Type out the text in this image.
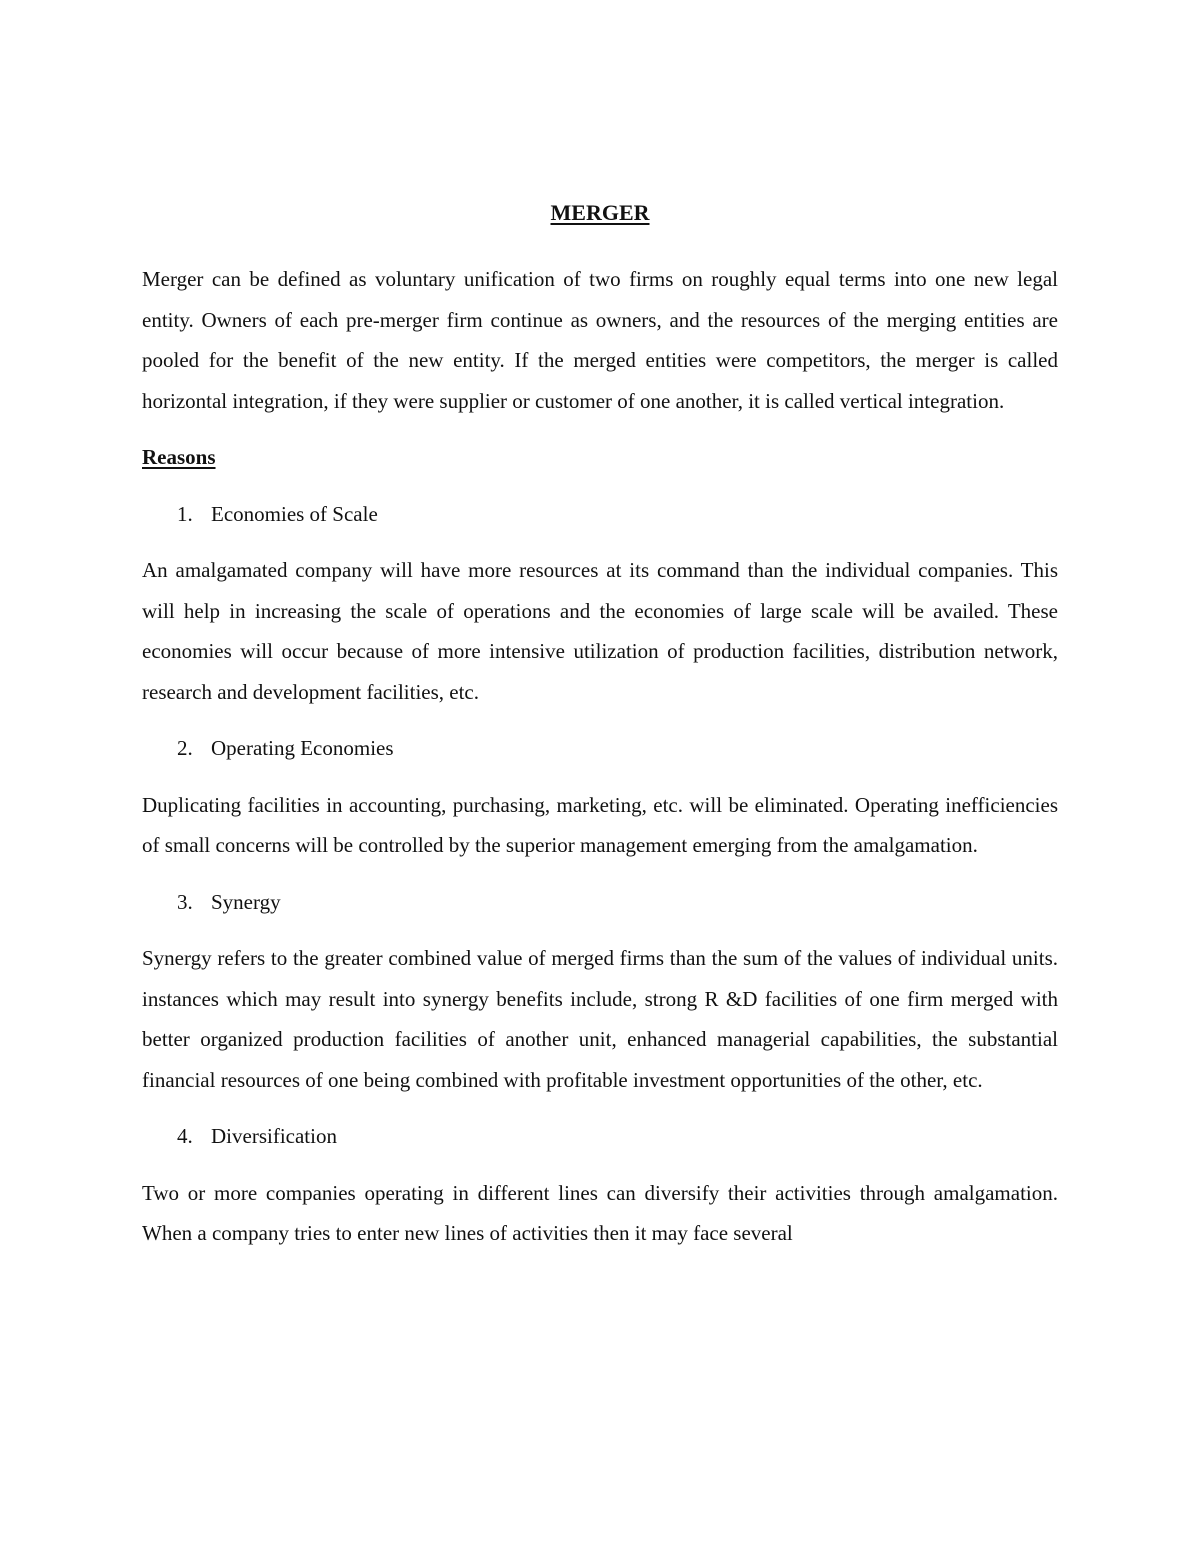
MERGER

Merger can be defined as voluntary unification of two firms on roughly equal terms into one new legal entity. Owners of each pre-merger firm continue as owners, and the resources of the merging entities are pooled for the benefit of the new entity. If the merged entities were competitors, the merger is called horizontal integration, if they were supplier or customer of one another, it is called vertical integration.

Reasons
1. Economies of Scale

An amalgamated company will have more resources at its command than the individual companies. This will help in increasing the scale of operations and the economies of large scale will be availed. These economies will occur because of more intensive utilization of production facilities, distribution network, research and development facilities, etc.

2. Operating Economies

Duplicating facilities in accounting, purchasing, marketing, etc. will be eliminated. Operating inefficiencies of small concerns will be controlled by the superior management emerging from the amalgamation.

3. Synergy

Synergy refers to the greater combined value of merged firms than the sum of the values of individual units. instances which may result into synergy benefits include, strong R &D facilities of one firm merged with better organized production facilities of another unit, enhanced managerial capabilities, the substantial financial resources of one being combined with profitable investment opportunities of the other, etc.

4. Diversification

Two or more companies operating in different lines can diversify their activities through amalgamation. When a company tries to enter new lines of activities then it may face several
